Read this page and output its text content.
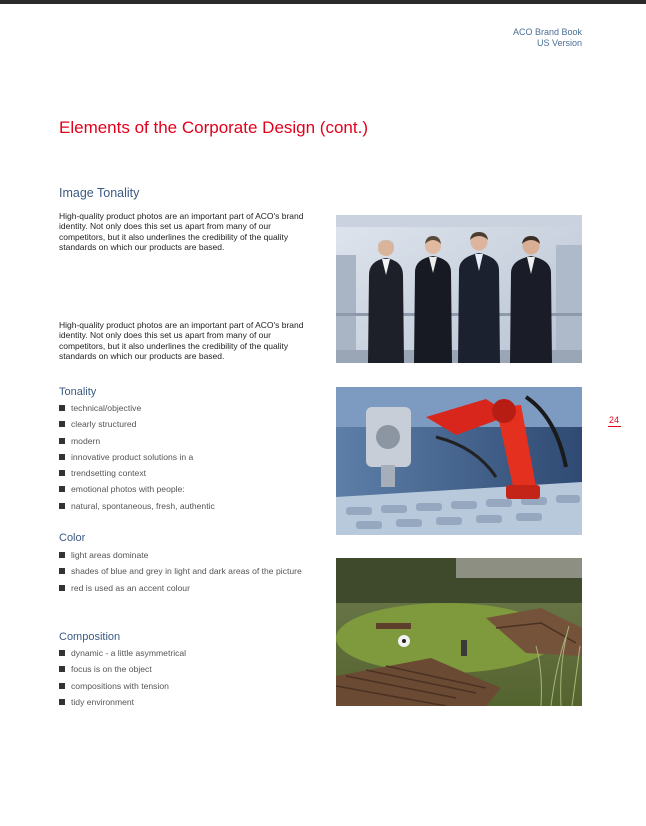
ACO Brand Book
US Version
Elements of the Corporate Design (cont.)
Image Tonality
High-quality product photos are an important part of ACO's brand identity. Not only does this set us apart from many of our competitors, but it also underlines the credibility of the quality standards on which our products are based.
High-quality product photos are an important part of ACO's brand identity. Not only does this set us apart from many of our competitors, but it also underlines the credibility of the quality standards on which our products are based.
Tonality
technical/objective
clearly structured
modern
innovative product solutions in a
trendsetting context
emotional photos with people:
natural, spontaneous, fresh, authentic
Color
light areas dominate
shades of blue and grey in light and dark areas of the picture
red is used as an accent colour
Composition
dynamic - a little asymmetrical
focus is on the object
compositions with tension
tidy environment
24
